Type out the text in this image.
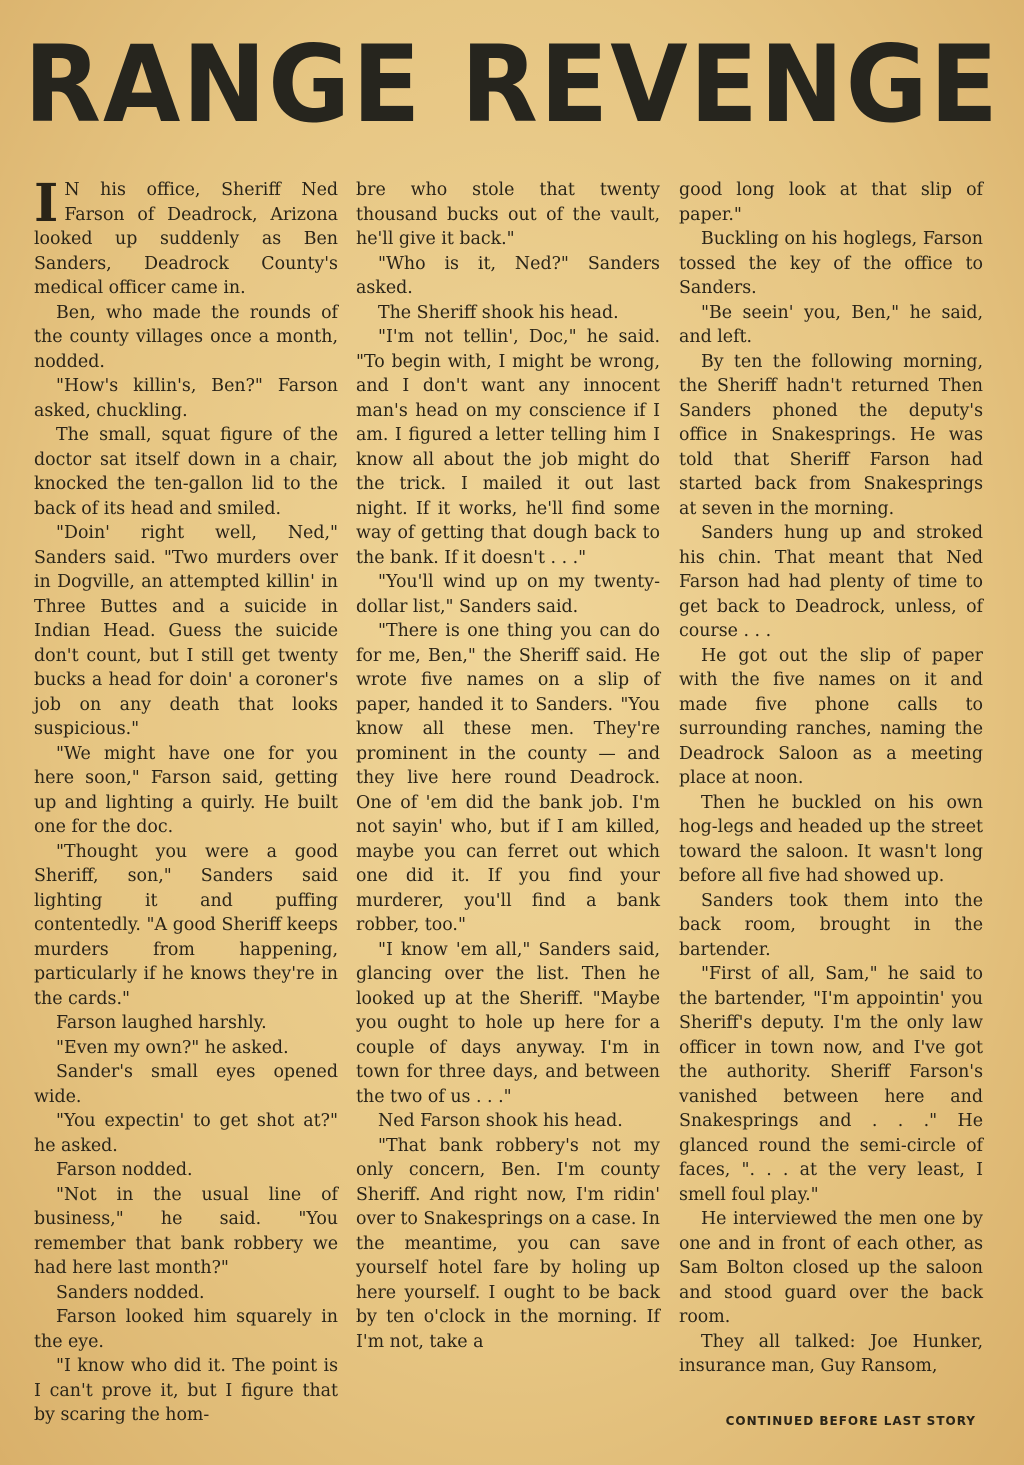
RANGE REVENGE

I N his office, Sheriff Ned Farson of Deadrock, Arizona looked up suddenly as Ben Sanders, Deadrock County's medical officer came in.

Ben, who made the rounds of the county villages once a month, nodded.

"How's killin's, Ben?" Farson asked, chuckling.

The small, squat figure of the doctor sat itself down in a chair, knocked the ten-gallon lid to the back of its head and smiled.

"Doin' right well, Ned," Sanders said. "Two murders over in Dogville, an attempted killin' in Three Buttes and a suicide in Indian Head. Guess the suicide don't count, but I still get twenty bucks a head for doin' a coroner's job on any death that looks suspicious."

"We might have one for you here soon," Farson said, getting up and lighting a quirly. He built one for the doc.

"Thought you were a good Sheriff, son," Sanders said lighting it and puffing contentedly. "A good Sheriff keeps murders from happening, particularly if he knows they're in the cards."

Farson laughed harshly.

"Even my own?" he asked.

Sander's small eyes opened wide.

"You expectin' to get shot at?" he asked.

Farson nodded.

"Not in the usual line of business," he said. "You remember that bank robbery we had here last month?"

Sanders nodded.

Farson looked him squarely in the eye.

"I know who did it. The point is I can't prove it, but I figure that by scaring the hom-

bre who stole that twenty thousand bucks out of the vault, he'll give it back."

"Who is it, Ned?" Sanders asked.

The Sheriff shook his head.

"I'm not tellin', Doc," he said. "To begin with, I might be wrong, and I don't want any innocent man's head on my conscience if I am. I figured a letter telling him I know all about the job might do the trick. I mailed it out last night. If it works, he'll find some way of getting that dough back to the bank. If it doesn't . . ."

"You'll wind up on my twenty-dollar list," Sanders said.

"There is one thing you can do for me, Ben," the Sheriff said. He wrote five names on a slip of paper, handed it to Sanders. "You know all these men. They're prominent in the county — and they live here round Deadrock. One of 'em did the bank job. I'm not sayin' who, but if I am killed, maybe you can ferret out which one did it. If you find your murderer, you'll find a bank robber, too."

"I know 'em all," Sanders said, glancing over the list. Then he looked up at the Sheriff. "Maybe you ought to hole up here for a couple of days anyway. I'm in town for three days, and between the two of us . . ."

Ned Farson shook his head.

"That bank robbery's not my only concern, Ben. I'm county Sheriff. And right now, I'm ridin' over to Snakesprings on a case. In the meantime, you can save yourself hotel fare by holing up here yourself. I ought to be back by ten o'clock in the morning. If I'm not, take a

good long look at that slip of paper."

Buckling on his hoglegs, Farson tossed the key of the office to Sanders.

"Be seein' you, Ben," he said, and left.

By ten the following morning, the Sheriff hadn't returned Then Sanders phoned the deputy's office in Snakesprings. He was told that Sheriff Farson had started back from Snakesprings at seven in the morning.

Sanders hung up and stroked his chin. That meant that Ned Farson had had plenty of time to get back to Deadrock, unless, of course . . .

He got out the slip of paper with the five names on it and made five phone calls to surrounding ranches, naming the Deadrock Saloon as a meeting place at noon.

Then he buckled on his own hog-legs and headed up the street toward the saloon. It wasn't long before all five had showed up.

Sanders took them into the back room, brought in the bartender.

"First of all, Sam," he said to the bartender, "I'm appointin' you Sheriff's deputy. I'm the only law officer in town now, and I've got the authority. Sheriff Farson's vanished between here and Snakesprings and . . ." He glanced round the semi-circle of faces, ". . . at the very least, I smell foul play."

He interviewed the men one by one and in front of each other, as Sam Bolton closed up the saloon and stood guard over the back room.

They all talked: Joe Hunker, insurance man, Guy Ransom,

CONTINUED BEFORE LAST STORY
